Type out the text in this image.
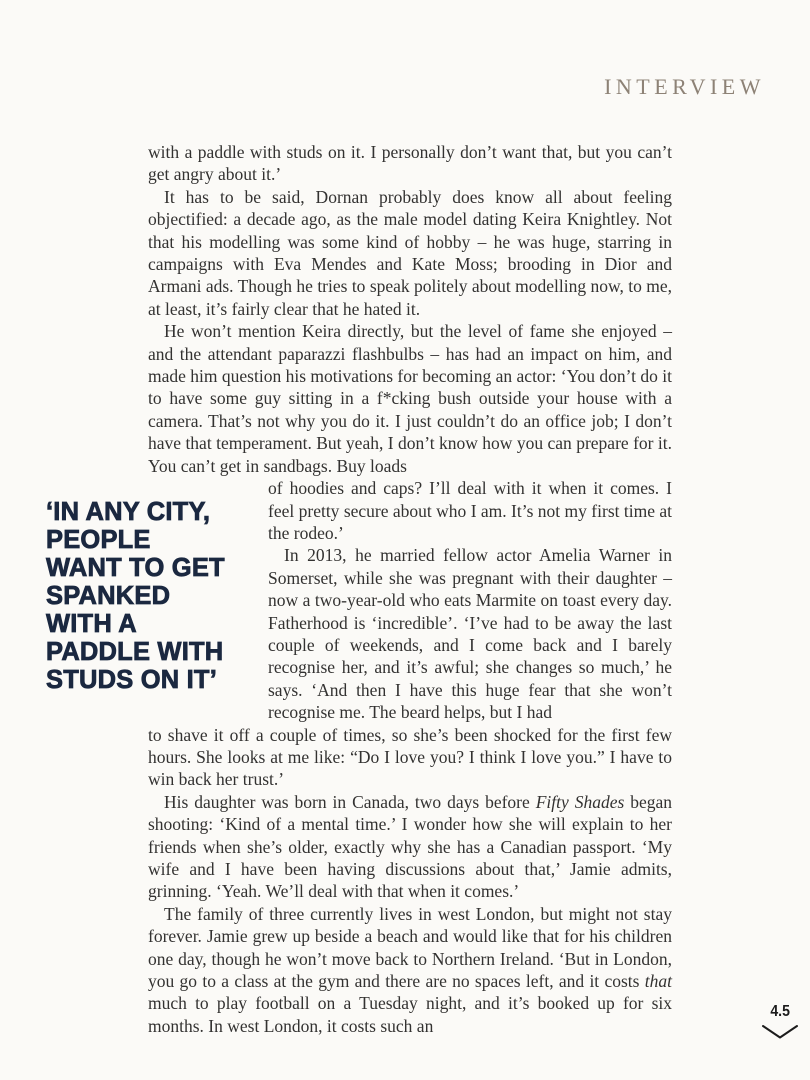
INTERVIEW

with a paddle with studs on it. I personally don’t want that, but you can’t get angry about it.’

It has to be said, Dornan probably does know all about feeling objectified: a decade ago, as the male model dating Keira Knightley. Not that his modelling was some kind of hobby – he was huge, starring in campaigns with Eva Mendes and Kate Moss; brooding in Dior and Armani ads. Though he tries to speak politely about modelling now, to me, at least, it’s fairly clear that he hated it.

He won’t mention Keira directly, but the level of fame she enjoyed – and the attendant paparazzi flashbulbs – has had an impact on him, and made him question his motivations for becoming an actor: ‘You don’t do it to have some guy sitting in a f*cking bush outside your house with a camera. That’s not why you do it. I just couldn’t do an office job; I don’t have that temperament. But yeah, I don’t know how you can prepare for it. You can’t get in sandbags. Buy loads

‘IN ANY CITY,
PEOPLE
WANT TO GET
SPANKED
WITH A
PADDLE WITH
STUDS ON IT’

of hoodies and caps? I’ll deal with it when it comes. I feel pretty secure about who I am. It’s not my first time at the rodeo.’

In 2013, he married fellow actor Amelia Warner in Somerset, while she was pregnant with their daughter – now a two-year-old who eats Marmite on toast every day. Fatherhood is ‘incredible’. ‘I’ve had to be away the last couple of weekends, and I come back and I barely recognise her, and it’s awful; she changes so much,’ he says. ‘And then I have this huge fear that she won’t recognise me. The beard helps, but I had

to shave it off a couple of times, so she’s been shocked for the first few hours. She looks at me like: “Do I love you? I think I love you.” I have to win back her trust.’

His daughter was born in Canada, two days before Fifty Shades began shooting: ‘Kind of a mental time.’ I wonder how she will explain to her friends when she’s older, exactly why she has a Canadian passport. ‘My wife and I have been having discussions about that,’ Jamie admits, grinning. ‘Yeah. We’ll deal with that when it comes.’

The family of three currently lives in west London, but might not stay forever. Jamie grew up beside a beach and would like that for his children one day, though he won’t move back to Northern Ireland. ‘But in London, you go to a class at the gym and there are no spaces left, and it costs that much to play football on a Tuesday night, and it’s booked up for six months. In west London, it costs such an

4.5
